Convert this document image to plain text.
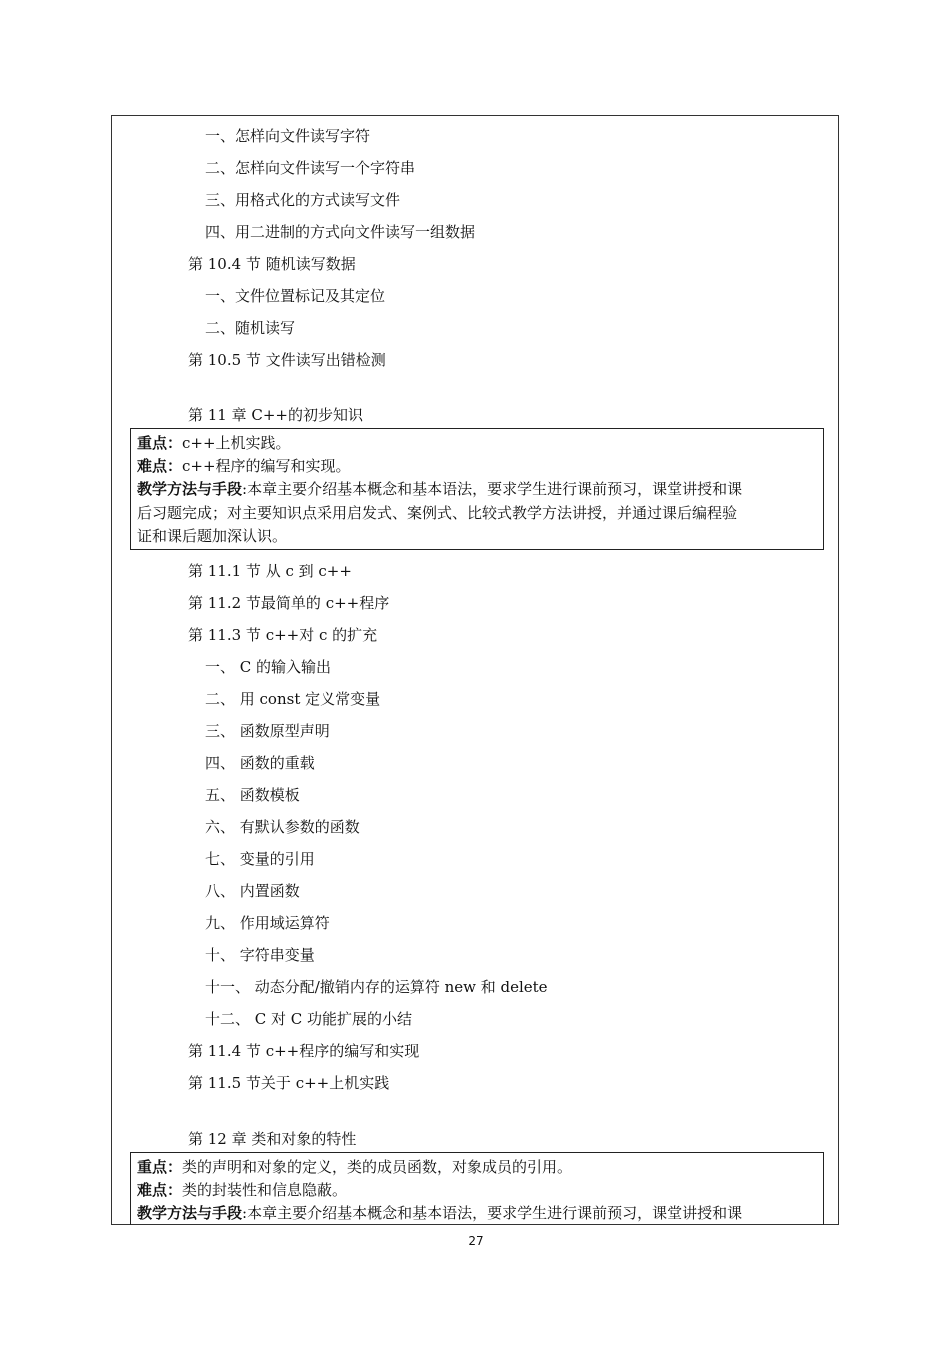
一、怎样向文件读写字符
二、怎样向文件读写一个字符串
三、用格式化的方式读写文件
四、用二进制的方式向文件读写一组数据
第 10.4 节 随机读写数据
一、文件位置标记及其定位
二、随机读写
第 10.5 节 文件读写出错检测
第 11 章 C++的初步知识

重点：c++上机实践。

难点：c++程序的编写和实现。

教学方法与手段:本章主要介绍基本概念和基本语法，要求学生进行课前预习，课堂讲授和课

后习题完成；对主要知识点采用启发式、案例式、比较式教学方法讲授，并通过课后编程验

证和课后题加深认识。

第 11.1 节 从 c 到 c++
第 11.2 节最简单的 c++程序
第 11.3 节 c++对 c 的扩充
一、 C 的输入输出
二、 用 const 定义常变量
三、 函数原型声明
四、 函数的重载
五、 函数模板
六、 有默认参数的函数
七、 变量的引用
八、 内置函数
九、 作用域运算符
十、 字符串变量
十一、 动态分配/撤销内存的运算符 new 和 delete
十二、 C 对 C 功能扩展的小结
第 11.4 节 c++程序的编写和实现
第 11.5 节关于 c++上机实践
第 12 章 类和对象的特性

重点：类的声明和对象的定义，类的成员函数，对象成员的引用。

难点：类的封装性和信息隐蔽。

教学方法与手段:本章主要介绍基本概念和基本语法，要求学生进行课前预习，课堂讲授和课

27
